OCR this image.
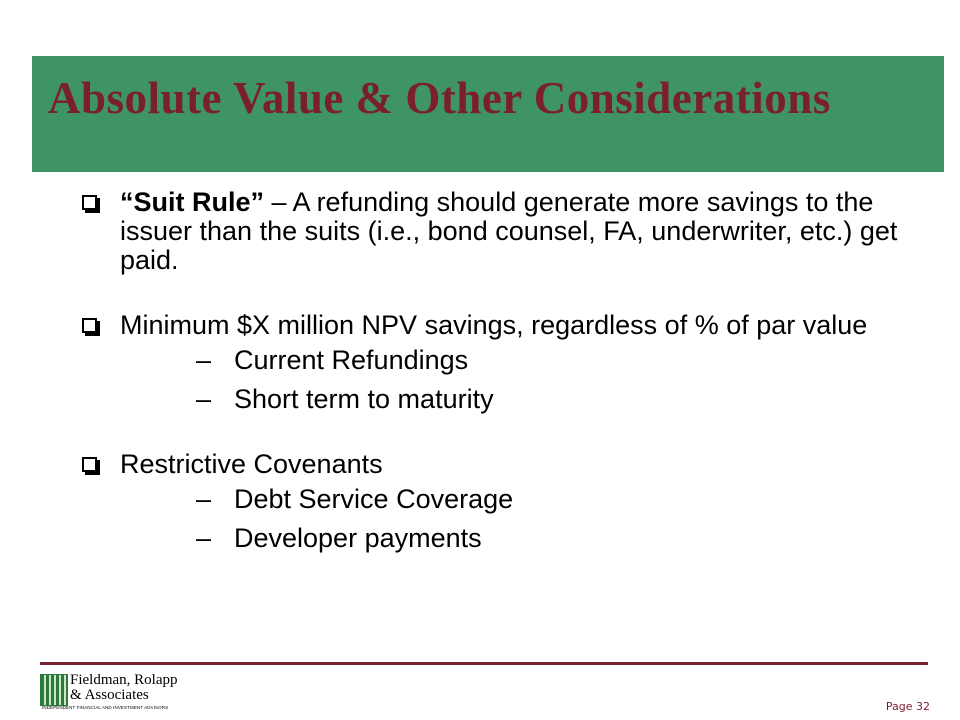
Absolute Value & Other Considerations
“Suit Rule” – A refunding should generate more savings to the issuer than the suits (i.e., bond counsel, FA, underwriter, etc.) get paid.
Minimum $X million NPV savings, regardless of % of par value
– Current Refundings
– Short term to maturity
Restrictive Covenants
– Debt Service Coverage
– Developer payments
Fieldman, Rolapp
& Associates
INDEPENDENT FINANCIAL AND INVESTMENT ADVISORS	Page 32
